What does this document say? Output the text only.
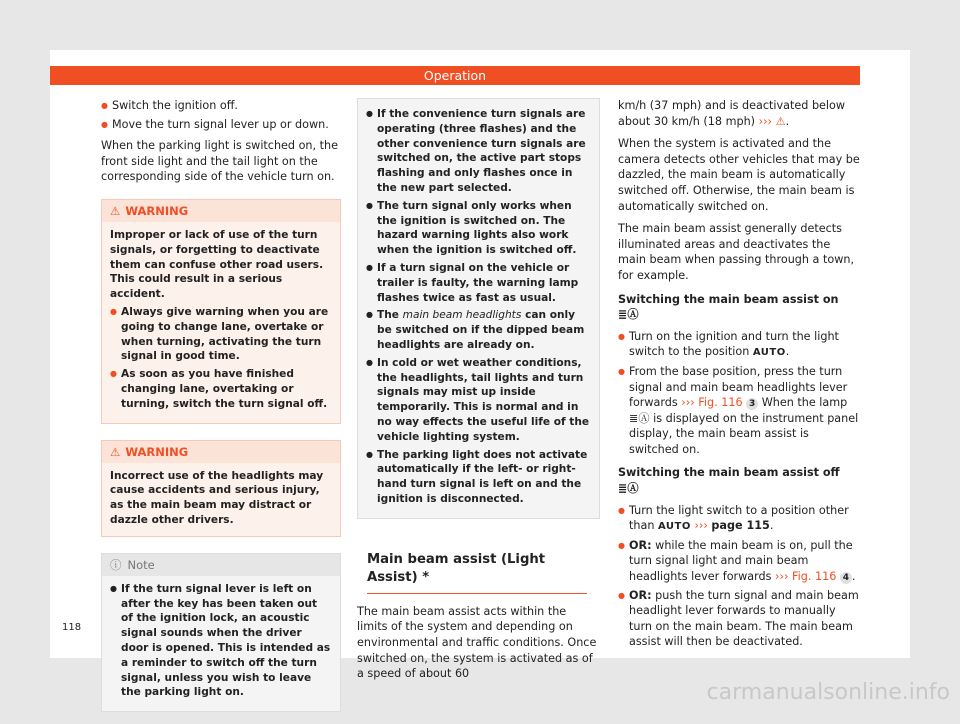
Operation
● Switch the ignition off.
● Move the turn signal lever up or down.

When the parking light is switched on, the front side light and the tail light on the corresponding side of the vehicle turn on.

⚠ WARNING
Improper or lack of use of the turn signals, or forgetting to deactivate them can confuse other road users. This could result in a serious accident.
● Always give warning when you are going to change lane, overtake or when turning, activating the turn signal in good time.
● As soon as you have finished changing lane, overtaking or turning, switch the turn signal off.
⚠ WARNING
Incorrect use of the headlights may cause accidents and serious injury, as the main beam may distract or dazzle other drivers.
ⓘ Note
● If the turn signal lever is left on after the key has been taken out of the ignition lock, an acoustic signal sounds when the driver door is opened. This is intended as a reminder to switch off the turn signal, unless you wish to leave the parking light on.
● If the convenience turn signals are operating (three flashes) and the other convenience turn signals are switched on, the active part stops flashing and only flashes once in the new part selected.
● The turn signal only works when the ignition is switched on. The hazard warning lights also work when the ignition is switched off.
● If a turn signal on the vehicle or trailer is faulty, the warning lamp flashes twice as fast as usual.
● The main beam headlights can only be switched on if the dipped beam headlights are already on.
● In cold or wet weather conditions, the headlights, tail lights and turn signals may mist up inside temporarily. This is normal and in no way effects the useful life of the vehicle lighting system.
● The parking light does not activate automatically if the left- or right-hand turn signal is left on and the ignition is disconnected.
Main beam assist (Light Assist) *

The main beam assist acts within the limits of the system and depending on environmental and traffic conditions. Once switched on, the system is activated as of a speed of about 60

km/h (37 mph) and is deactivated below about 30 km/h (18 mph) ››› ⚠.

When the system is activated and the camera detects other vehicles that may be dazzled, the main beam is automatically switched off. Otherwise, the main beam is automatically switched on.

The main beam assist generally detects illuminated areas and deactivates the main beam when passing through a town, for example.

Switching the main beam assist on ≣Ⓐ
● Turn on the ignition and turn the light switch to the position AUTO.
● From the base position, press the turn signal and main beam headlights lever forwards ››› Fig. 116 3 When the lamp ≣Ⓐ is displayed on the instrument panel display, the main beam assist is switched on.
Switching the main beam assist off ≣Ⓐ
● Turn the light switch to a position other than AUTO ››› page 115.
● OR: while the main beam is on, pull the turn signal light and main beam headlights lever forwards ››› Fig. 116 4 .
● OR: push the turn signal and main beam headlight lever forwards to manually turn on the main beam. The main beam assist will then be deactivated.
118
carmanualsonline.info
